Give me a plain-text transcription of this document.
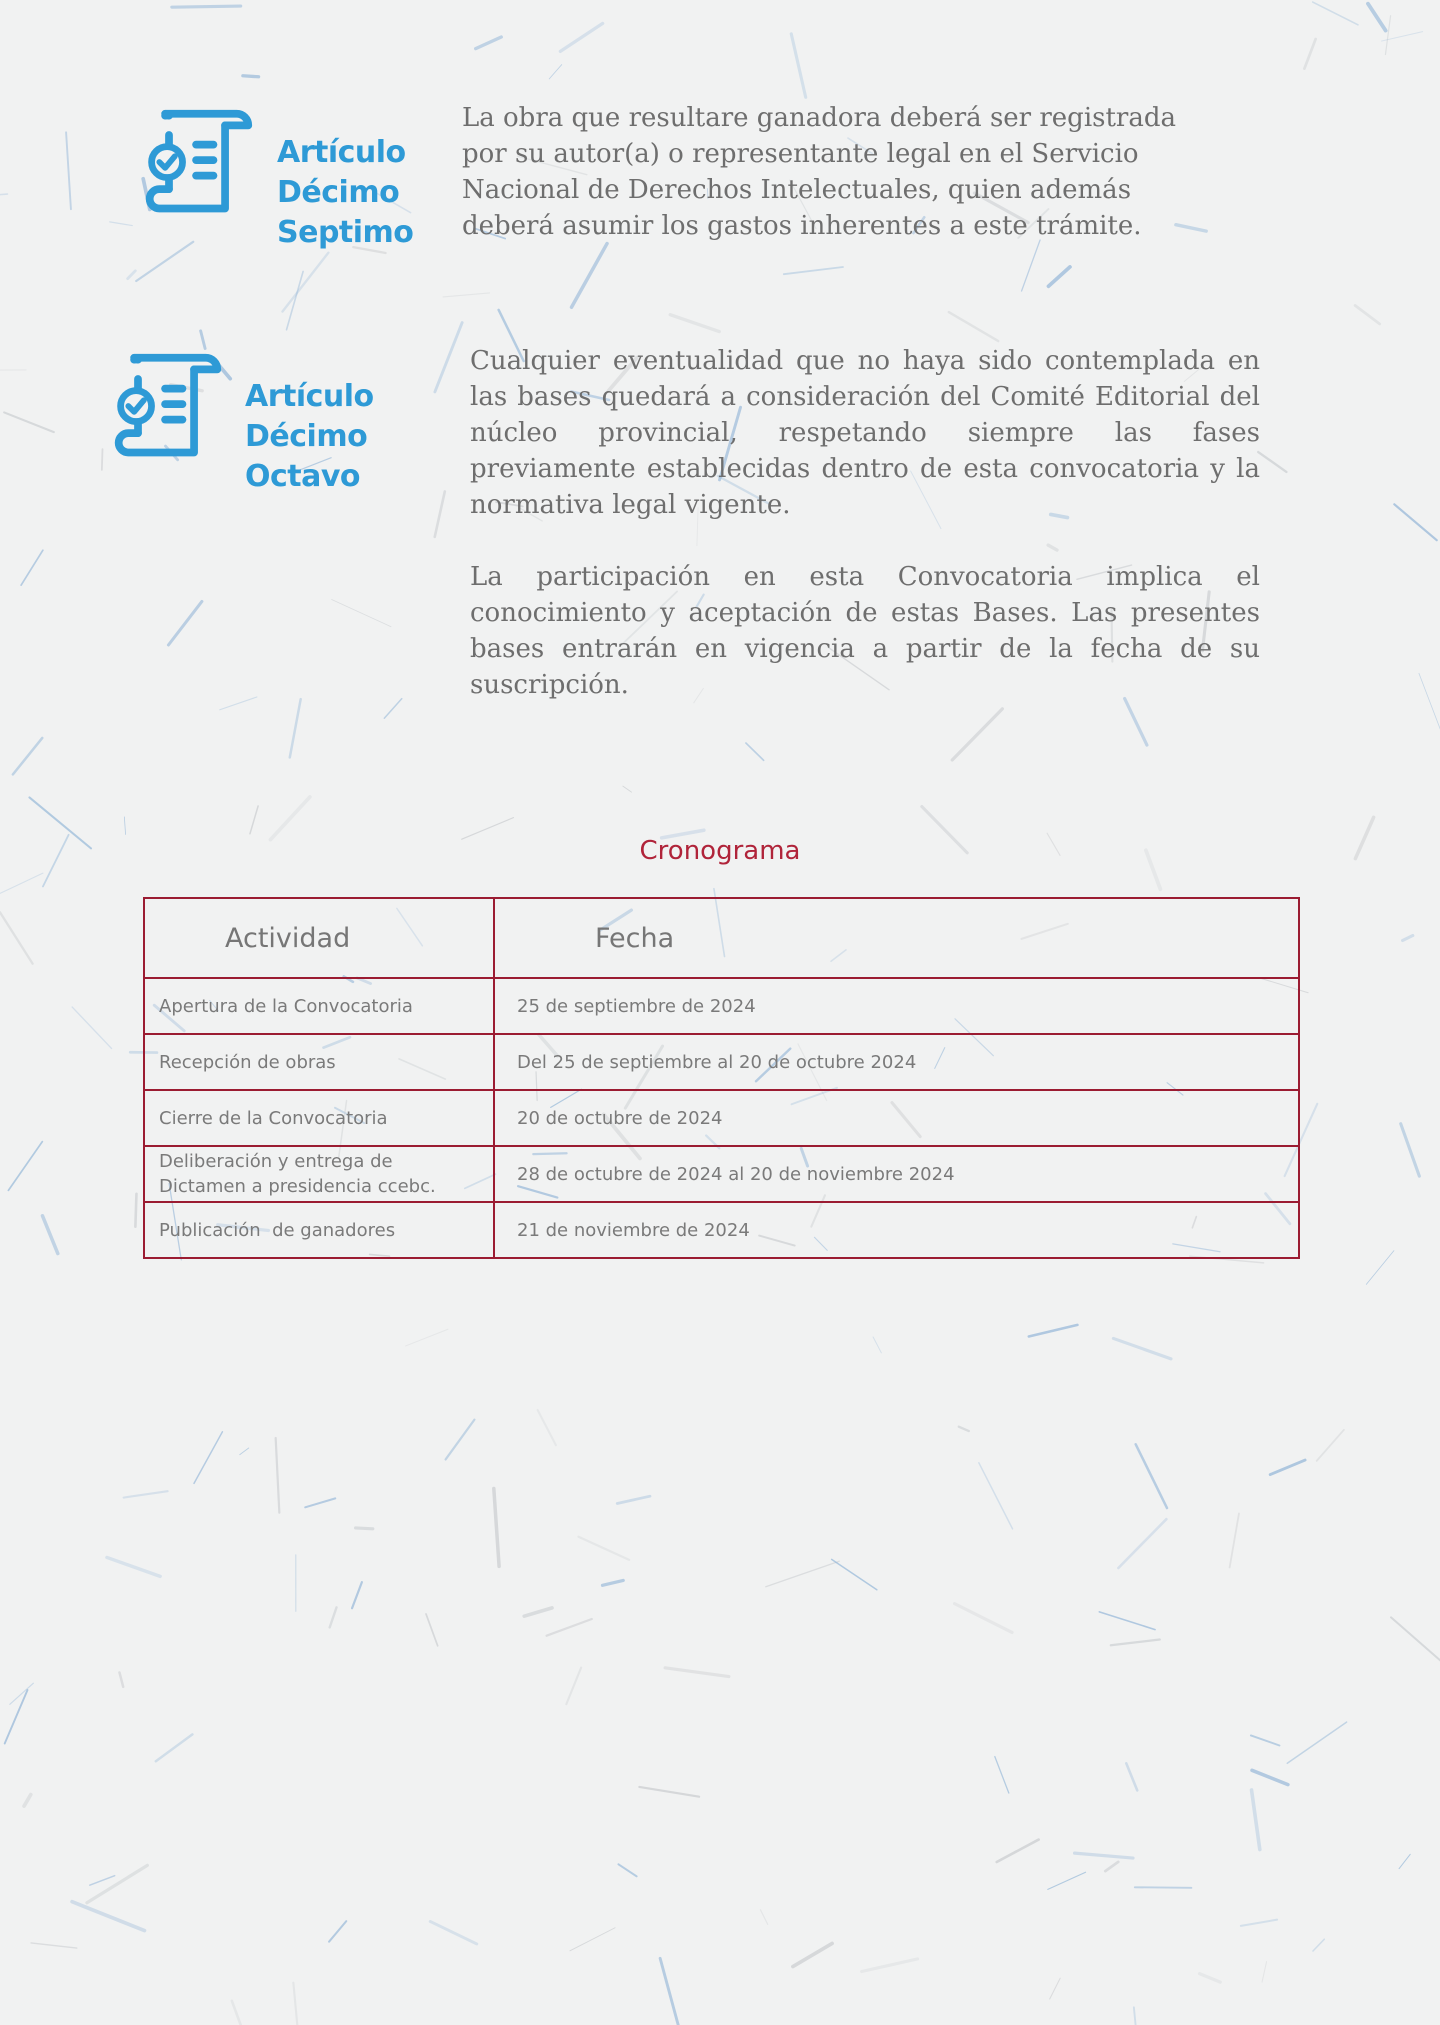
Artículo
Décimo
Septimo

La obra que resultare ganadora deberá ser registrada por su autor(a) o representante legal en el Servicio Nacional de Derechos Intelectuales, quien además deberá asumir los gastos inherentes a este trámite.

Artículo
Décimo
Octavo

Cualquier eventualidad que no haya sido contemplada en las bases quedará a consideración del Comité Editorial del núcleo provincial, respetando siempre las fases previamente establecidas dentro de esta convocatoria y la normativa legal vigente.

La participación en esta Convocatoria implica el conocimiento y aceptación de estas Bases. Las presentes bases entrarán en vigencia a partir de la fecha de su suscripción.

Cronograma
Actividad	Fecha
Apertura de la Convocatoria	25 de septiembre de 2024
Recepción de obras	Del 25 de septiembre al 20 de octubre 2024
Cierre de la Convocatoria	20 de octubre de 2024
Deliberación y entrega de Dictamen a presidencia ccebc.	28 de octubre de 2024 al 20 de noviembre 2024
Publicación  de ganadores	21 de noviembre de 2024
